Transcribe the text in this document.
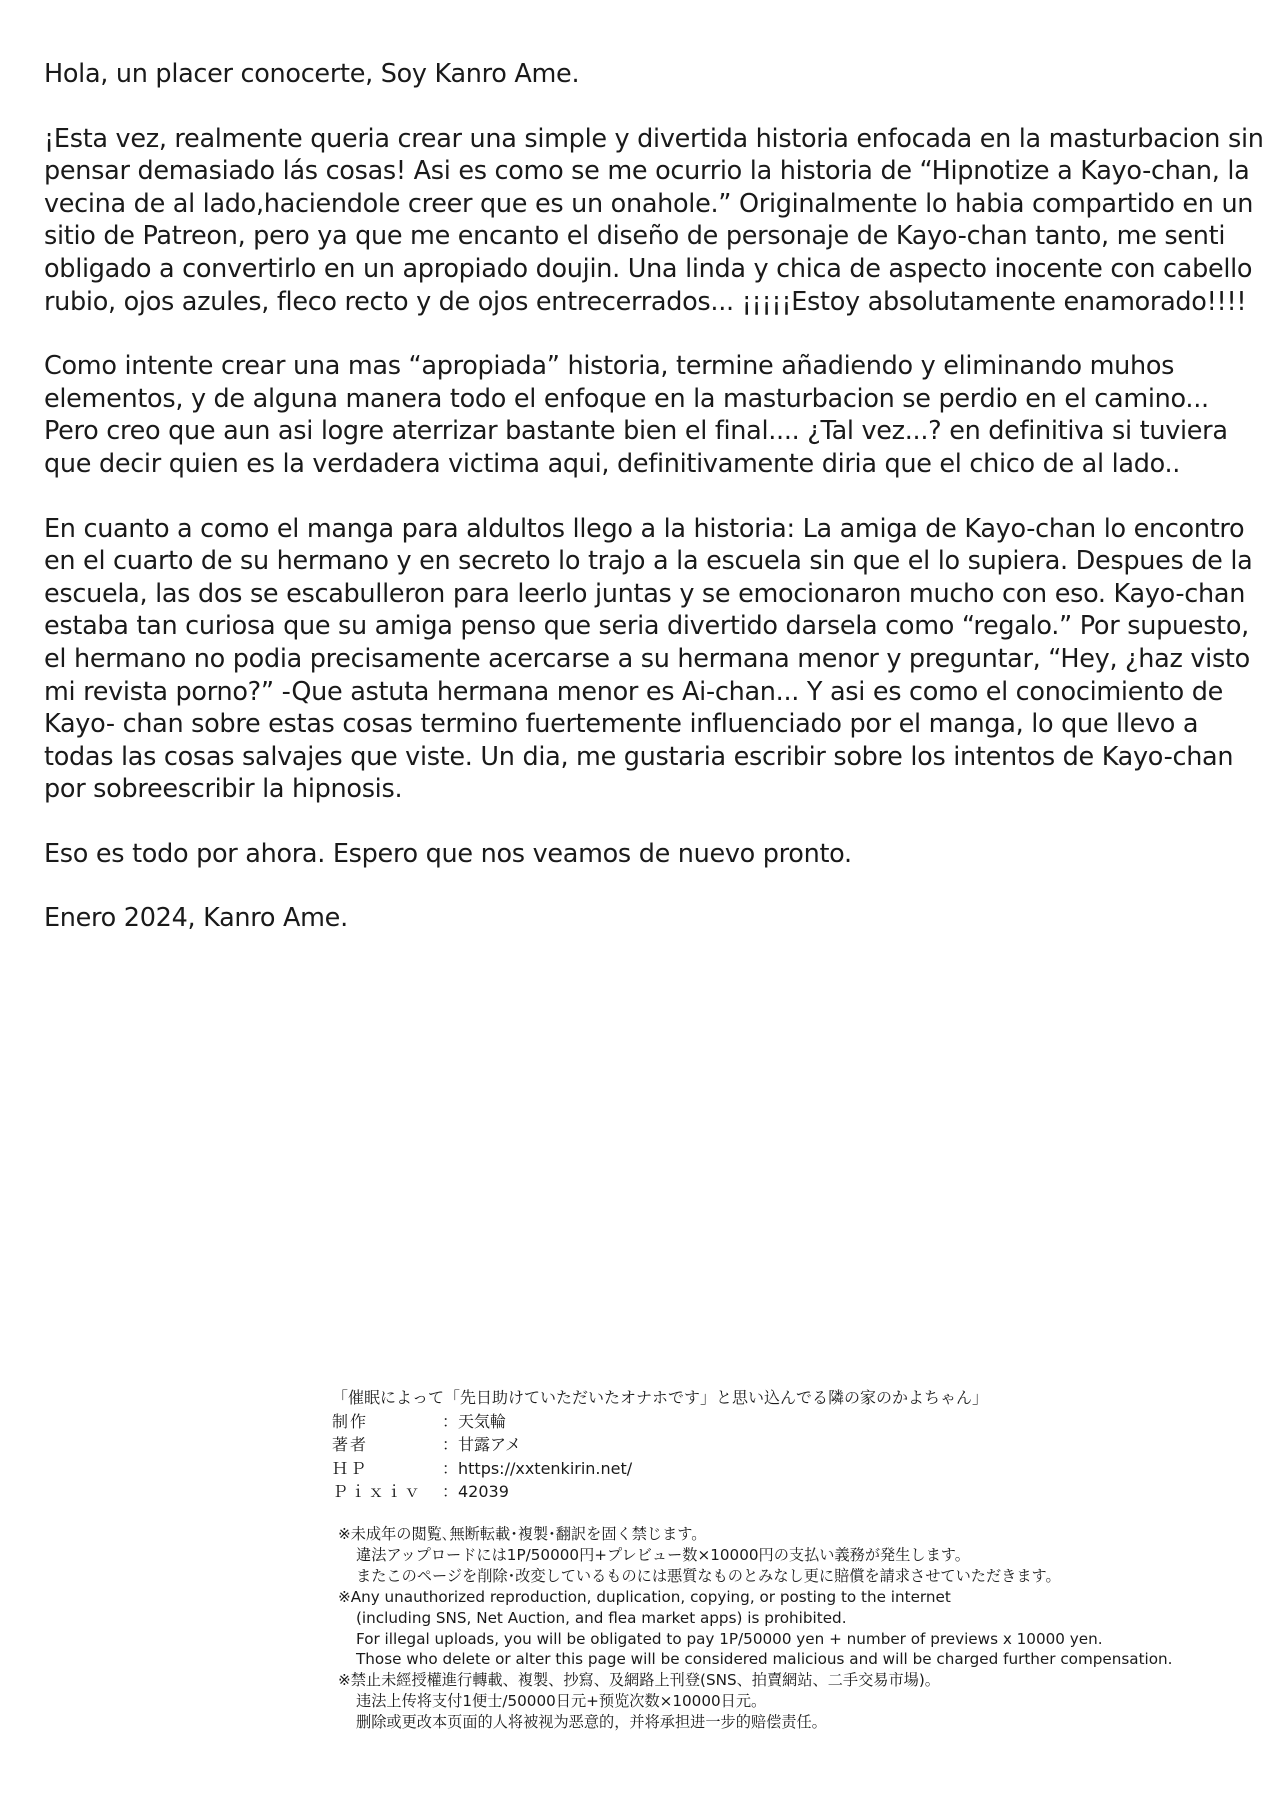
Hola, un placer conocerte, Soy Kanro Ame.

¡Esta vez, realmente queria crear una simple y divertida historia enfocada en la masturbacion sin pensar demasiado lás cosas! Asi es como se me ocurrio la historia de “Hipnotize a Kayo-chan, la vecina de al lado,haciendole creer que es un onahole.” Originalmente lo habia compartido en un sitio de Patreon, pero ya que me encanto el diseño de personaje de Kayo-chan tanto, me senti obligado a convertirlo en un apropiado doujin. Una linda y chica de aspecto inocente con cabello rubio, ojos azules, fleco recto y de ojos entrecerrados... ¡¡¡¡¡Estoy absolutamente enamorado!!!!

Como intente crear una mas “apropiada” historia, termine añadiendo y eliminando muhos elementos, y de alguna manera todo el enfoque en la masturbacion se perdio en el camino... Pero creo que aun asi logre aterrizar bastante bien el final.... ¿Tal vez...? en definitiva si tuviera que decir quien es la verdadera victima aqui, definitivamente diria que el chico de al lado..

En cuanto a como el manga para aldultos llego a la historia: La amiga de Kayo-chan lo encontro en el cuarto de su hermano y en secreto lo trajo a la escuela sin que el lo supiera. Despues de la escuela, las dos se escabulleron para leerlo juntas y se emocionaron mucho con eso. Kayo-chan estaba tan curiosa que su amiga penso que seria divertido darsela como “regalo.” Por supuesto, el hermano no podia precisamente acercarse a su hermana menor y preguntar, “Hey, ¿haz visto mi revista porno?” -Que astuta hermana menor es Ai-chan... Y asi es como el conocimiento de Kayo- chan sobre estas cosas termino fuertemente influenciado por el manga, lo que llevo a todas las cosas salvajes que viste. Un dia, me gustaria escribir sobre los intentos de Kayo-chan por sobreescribir la hipnosis.

Eso es todo por ahora. Espero que nos veamos de nuevo pronto.

Enero 2024, Kanro Ame.

「催眠によって「先日助けていただいたオナホです」と思い込んでる隣の家のかよちゃん」
制作	：天気輪
著者	：甘露アメ
ＨＰ	：https://xxtenkirin.net/
Ｐｉｘｉｖ	：42039
※未成年の閲覧､無断転載･複製･翻訳を固く禁じます。
違法アップロードには1P/50000円+プレビュー数×10000円の支払い義務が発生します。
またこのページを削除･改変しているものには悪質なものとみなし更に賠償を請求させていただきます。
※Any unauthorized reproduction, duplication, copying, or posting to the internet
(including SNS, Net Auction, and flea market apps) is prohibited.
For illegal uploads, you will be obligated to pay 1P/50000 yen + number of previews x 10000 yen.
Those who delete or alter this page will be considered malicious and will be charged further compensation.
※禁止未經授權進行轉載、複製、抄寫、及網路上刊登(SNS、拍賣網站、二手交易市場)。
违法上传将支付1便士/50000日元+预览次数×10000日元。
删除或更改本页面的人将被视为恶意的，并将承担进一步的赔偿责任。
